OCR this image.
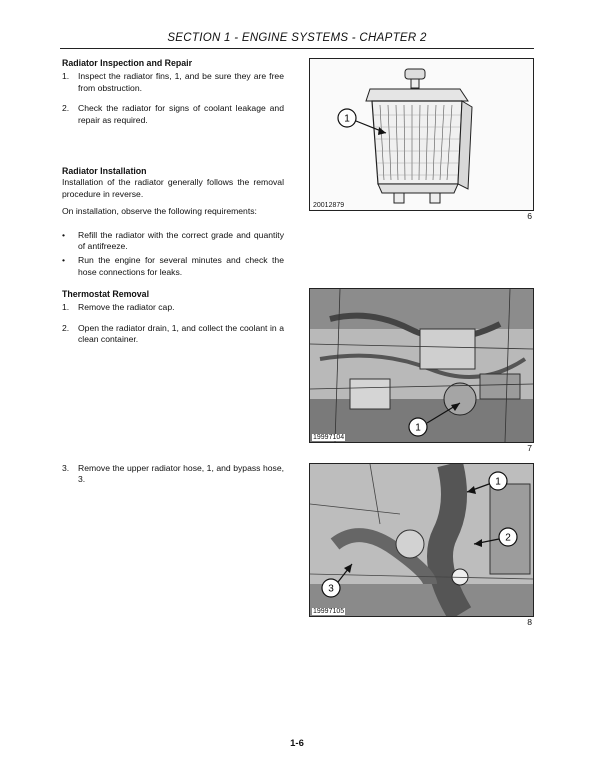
SECTION 1 - ENGINE SYSTEMS - CHAPTER 2
Radiator Inspection and Repair
1.	Inspect the radiator fins, 1, and be sure they are free from obstruction.
2.	Check the radiator for signs of coolant leakage and repair as required.
Radiator Installation
Installation of the radiator generally follows the removal procedure in reverse.
On installation, observe the following requirements:
•	Refill the radiator with the correct grade and quantity of antifreeze.
•	Run the engine for several minutes and check the hose connections for leaks.
Thermostat Removal
1.	Remove the radiator cap.
2.	Open the radiator drain, 1, and collect the coolant in a clean container.
3.	Remove the upper radiator hose, 1, and bypass hose, 3.
1
20012879
6
1
19997104
7
1
2
3
19997105
8
1-6
